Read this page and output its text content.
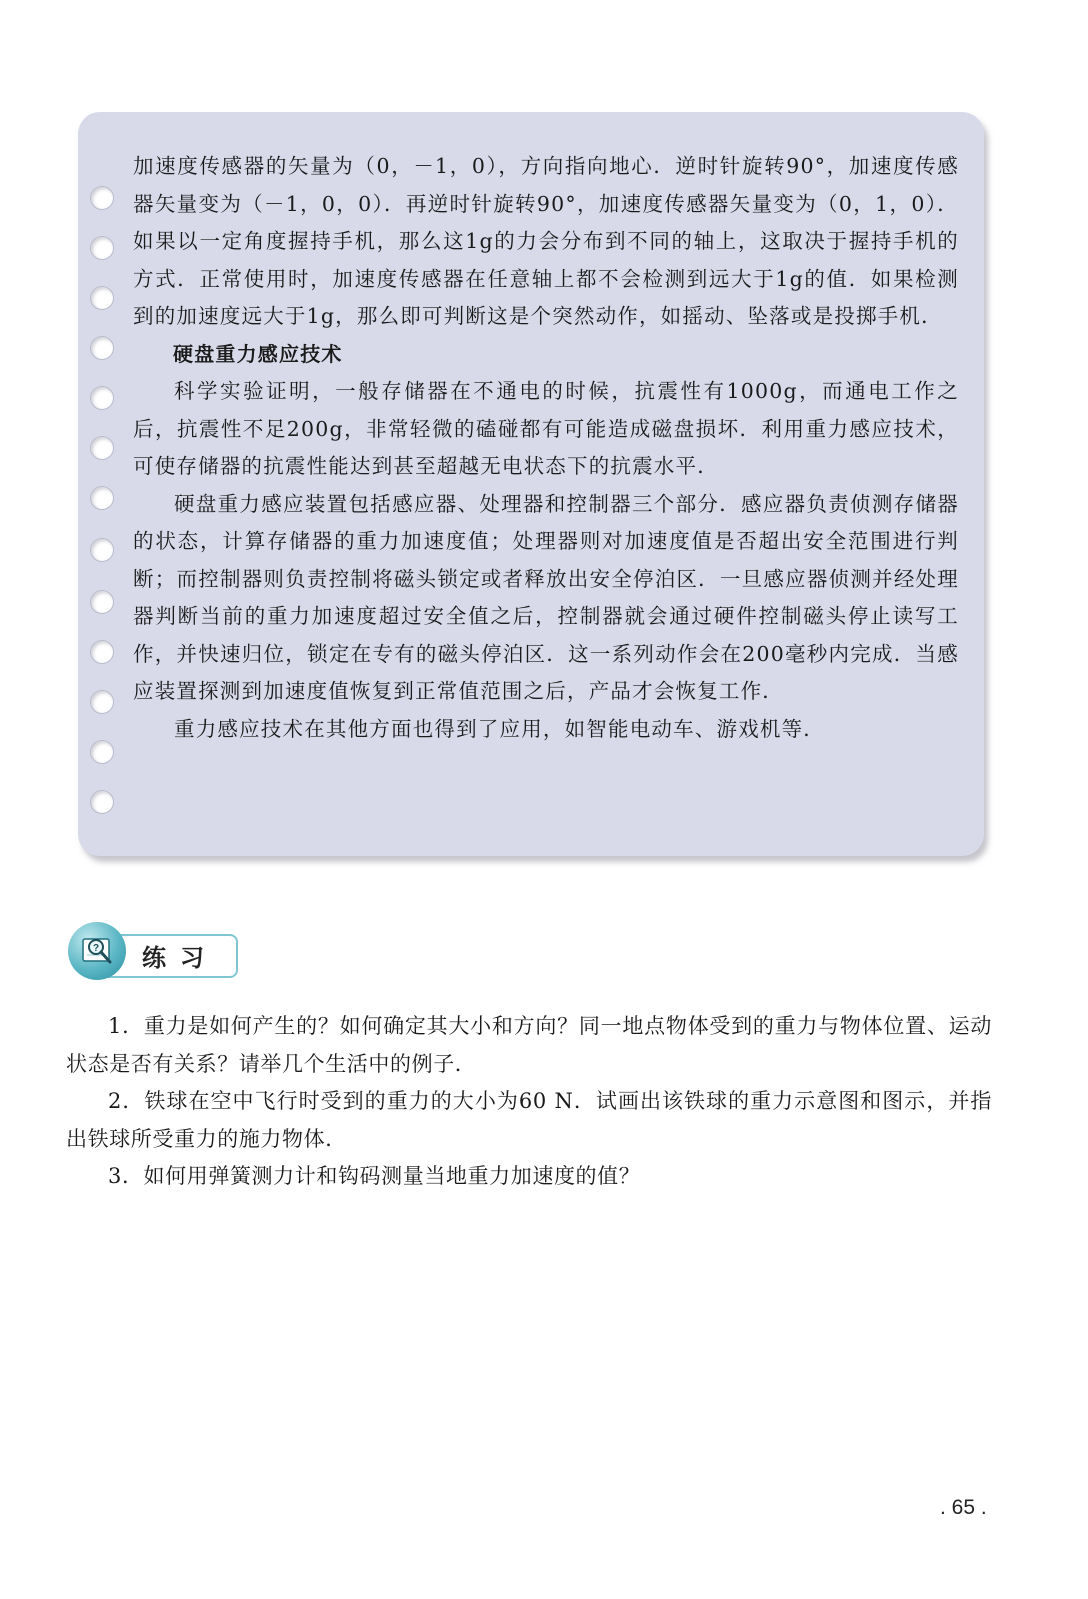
加速度传感器的矢量为（0，－1，0），方向指向地心．逆时针旋转90°，加速度传感器矢量变为（－1，0，0）．再逆时针旋转90°，加速度传感器矢量变为（0，1，0）．如果以一定角度握持手机，那么这1g的力会分布到不同的轴上，这取决于握持手机的方式．正常使用时，加速度传感器在任意轴上都不会检测到远大于1g的值．如果检测到的加速度远大于1g，那么即可判断这是个突然动作，如摇动、坠落或是投掷手机．

硬盘重力感应技术

科学实验证明，一般存储器在不通电的时候，抗震性有1000g，而通电工作之后，抗震性不足200g，非常轻微的磕碰都有可能造成磁盘损坏．利用重力感应技术，可使存储器的抗震性能达到甚至超越无电状态下的抗震水平．

硬盘重力感应装置包括感应器、处理器和控制器三个部分．感应器负责侦测存储器的状态，计算存储器的重力加速度值；处理器则对加速度值是否超出安全范围进行判断；而控制器则负责控制将磁头锁定或者释放出安全停泊区．一旦感应器侦测并经处理器判断当前的重力加速度超过安全值之后，控制器就会通过硬件控制磁头停止读写工作，并快速归位，锁定在专有的磁头停泊区．这一系列动作会在200毫秒内完成．当感应装置探测到加速度值恢复到正常值范围之后，产品才会恢复工作．

重力感应技术在其他方面也得到了应用，如智能电动车、游戏机等．

练习
?

1．重力是如何产生的？如何确定其大小和方向？同一地点物体受到的重力与物体位置、运动状态是否有关系？请举几个生活中的例子．

2．铁球在空中飞行时受到的重力的大小为60 N．试画出该铁球的重力示意图和图示，并指出铁球所受重力的施力物体．

3．如何用弹簧测力计和钩码测量当地重力加速度的值？

. 65 .
